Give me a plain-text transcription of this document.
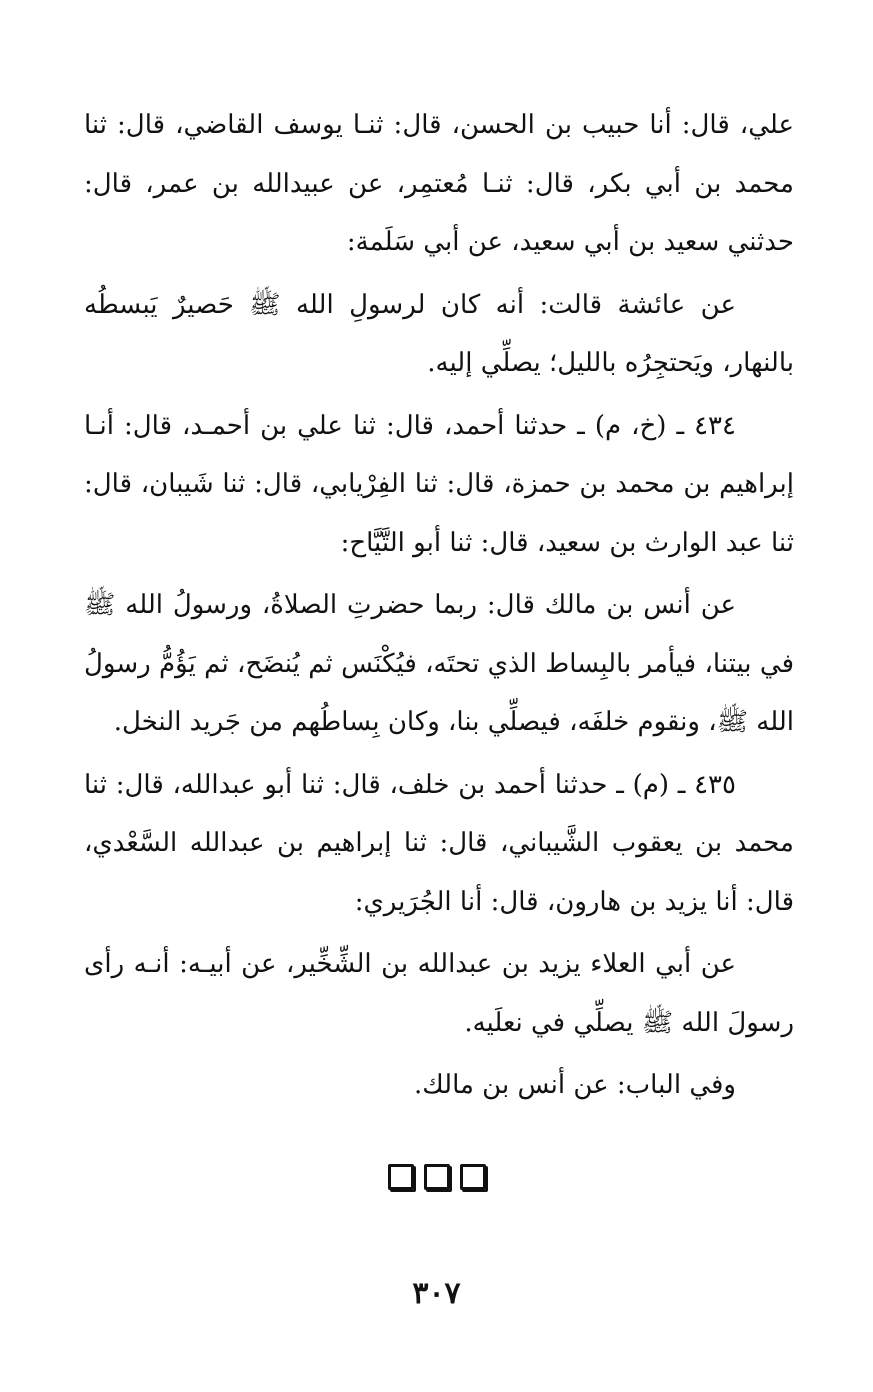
علي، قال: أنا حبيب بن الحسن، قال: ثنـا يوسف القاضي، قال: ثنا محمد بن أبي بكر، قال: ثنـا مُعتمِر، عن عبيدالله بن عمر، قال: حدثني سعيد بن أبي سعيد، عن أبي سَلَمة:

عن عائشة قالت: أنه كان لرسولِ الله ﷺ حَصيرٌ يَبسطُه بالنهار، ويَحتجِرُه بالليل؛ يصلِّي إليه.

٤٣٤ ـ (خ، م) ـ حدثنا أحمد، قال: ثنا علي بن أحمـد، قال: أنـا إبراهيم بن محمد بن حمزة، قال: ثنا الفِرْيابي، قال: ثنا شَيبان، قال: ثنا عبد الوارث بن سعيد، قال: ثنا أبو التَّيَّاح:

عن أنس بن مالك قال: ربما حضرتِ الصلاةُ، ورسولُ الله ﷺ في بيتنا، فيأمر بالبِساط الذي تحتَه، فيُكْنَس ثم يُنضَح، ثم يَؤُمُّ رسولُ الله ﷺ، ونقوم خلفَه، فيصلِّي بنا، وكان بِساطُهم من جَريد النخل.

٤٣٥ ـ (م) ـ حدثنا أحمد بن خلف، قال: ثنا أبو عبدالله، قال: ثنا محمد بن يعقوب الشَّيباني، قال: ثنا إبراهيم بن عبدالله السَّعْدي، قال: أنا يزيد بن هارون، قال: أنا الجُرَيري:

عن أبي العلاء يزيد بن عبدالله بن الشِّخِّير، عن أبيـه: أنـه رأى رسولَ الله ﷺ يصلِّي في نعلَيه.

وفي الباب: عن أنس بن مالك.

٣٠٧
